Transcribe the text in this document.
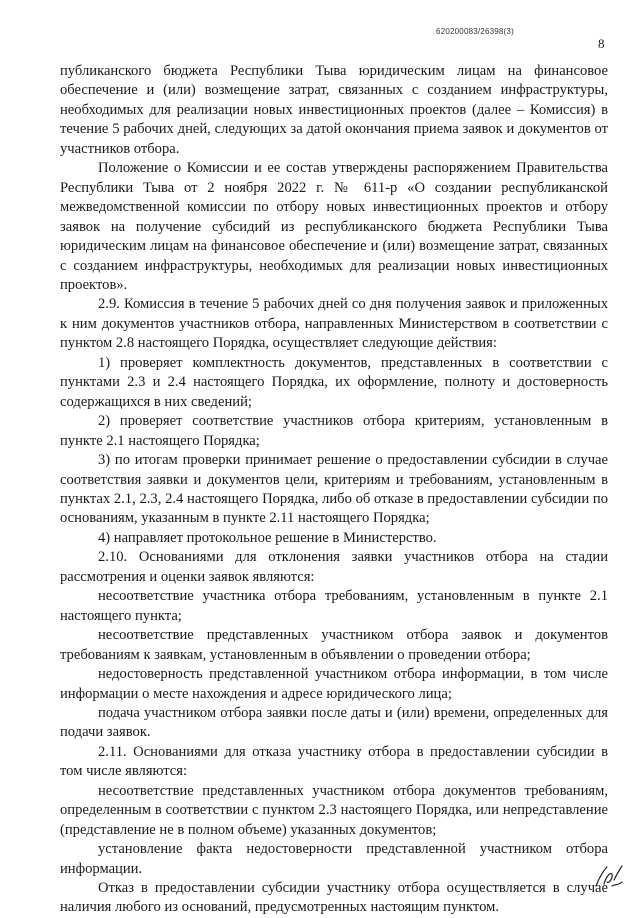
620200083/26398(3)
8

публиканского бюджета Республики Тыва юридическим лицам на финансовое обеспечение и (или) возмещение затрат, связанных с созданием инфраструктуры, необходимых для реализации новых инвестиционных проектов (далее – Комиссия) в течение 5 рабочих дней, следующих за датой окончания приема заявок и документов от участников отбора.

Положение о Комиссии и ее состав утверждены распоряжением Правительства Республики Тыва от 2 ноября 2022 г. № 611-р «О создании республиканской межведомственной комиссии по отбору новых инвестиционных проектов и отбору заявок на получение субсидий из республиканского бюджета Республики Тыва юридическим лицам на финансовое обеспечение и (или) возмещение затрат, связанных с созданием инфраструктуры, необходимых для реализации новых инвестиционных проектов».

2.9. Комиссия в течение 5 рабочих дней со дня получения заявок и приложенных к ним документов участников отбора, направленных Министерством в соответствии с пунктом 2.8 настоящего Порядка, осуществляет следующие действия:

1) проверяет комплектность документов, представленных в соответствии с пунктами 2.3 и 2.4 настоящего Порядка, их оформление, полноту и достоверность содержащихся в них сведений;

2) проверяет соответствие участников отбора критериям, установленным в пункте 2.1 настоящего Порядка;

3) по итогам проверки принимает решение о предоставлении субсидии в случае соответствия заявки и документов цели, критериям и требованиям, установленным в пунктах 2.1, 2.3, 2.4 настоящего Порядка, либо об отказе в предоставлении субсидии по основаниям, указанным в пункте 2.11 настоящего Порядка;

4) направляет протокольное решение в Министерство.

2.10. Основаниями для отклонения заявки участников отбора на стадии рассмотрения и оценки заявок являются:

несоответствие участника отбора требованиям, установленным в пункте 2.1 настоящего пункта;

несоответствие представленных участником отбора заявок и документов требованиям к заявкам, установленным в объявлении о проведении отбора;

недостоверность представленной участником отбора информации, в том числе информации о месте нахождения и адресе юридического лица;

подача участником отбора заявки после даты и (или) времени, определенных для подачи заявок.

2.11. Основаниями для отказа участнику отбора в предоставлении субсидии в том числе являются:

несоответствие представленных участником отбора документов требованиям, определенным в соответствии с пунктом 2.3 настоящего Порядка, или непредставление (представление не в полном объеме) указанных документов;

установление факта недостоверности представленной участником отбора информации.

Отказ в предоставлении субсидии участнику отбора осуществляется в случае наличия любого из оснований, предусмотренных настоящим пунктом.
